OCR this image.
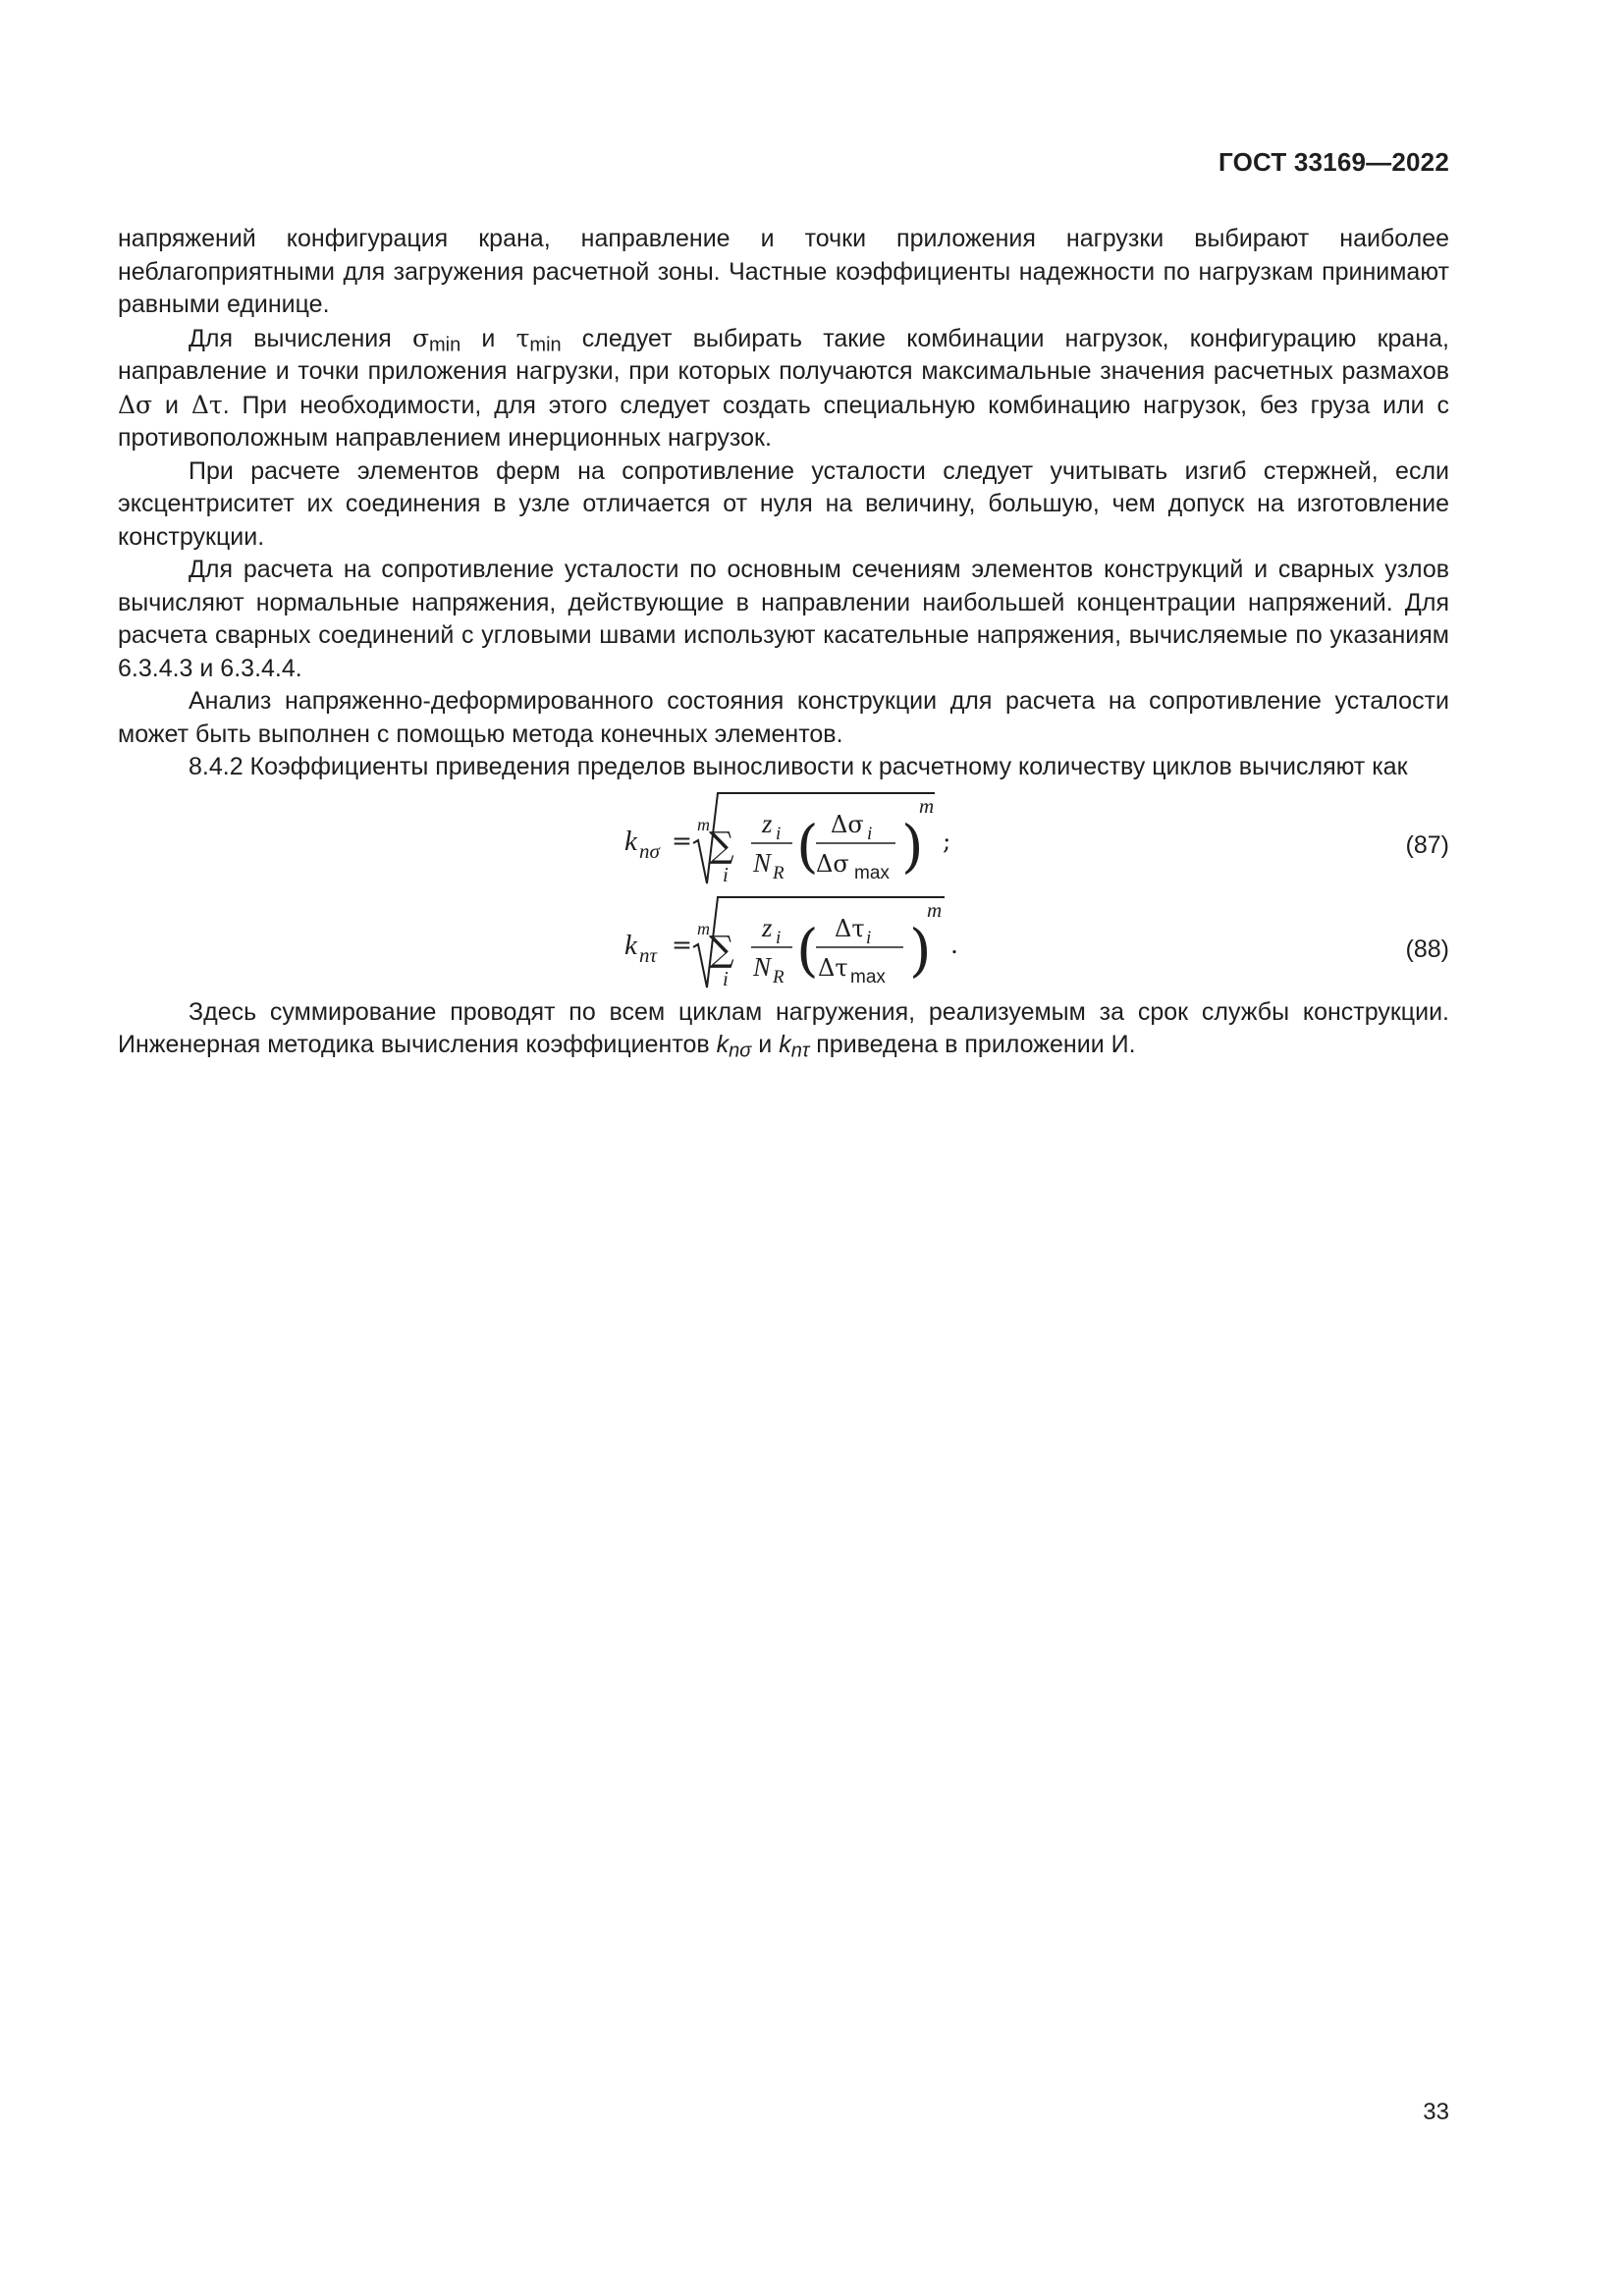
ГОСТ 33169—2022

напряжений конфигурация крана, направление и точки приложения нагрузки выбирают наиболее неблагоприятными для загружения расчетной зоны. Частные коэффициенты надежности по нагрузкам принимают равными единице.

Для вычисления $\sigma_{min}$ и $\tau_{min}$ следует выбирать такие комбинации нагрузок, конфигурацию крана, направление и точки приложения нагрузки, при которых получаются максимальные значения расчетных размахов Δσ и Δτ. При необходимости, для этого следует создать специальную комбинацию нагрузок, без груза или с противоположным направлением инерционных нагрузок.

При расчете элементов ферм на сопротивление усталости следует учитывать изгиб стержней, если эксцентриситет их соединения в узле отличается от нуля на величину, большую, чем допуск на изготовление конструкции.

Для расчета на сопротивление усталости по основным сечениям элементов конструкций и сварных узлов вычисляют нормальные напряжения, действующие в направлении наибольшей концентрации напряжений. Для расчета сварных соединений с угловыми швами используют касательные напряжения, вычисляемые по указаниям 6.3.4.3 и 6.3.4.4.

Анализ напряженно-деформированного состояния конструкции для расчета на сопротивление усталости может быть выполнен с помощью метода конечных элементов.

8.4.2 Коэффициенты приведения пределов выносливости к расчетному количеству циклов вычисляют как

k nσ =
m
∑
i
z i
N R ( Δσ i
Δσ max )
m
;	(87)
k nτ =
m
∑
i
z i
N R ( Δτ i
Δτ max )
m
.	(88)

Здесь суммирование проводят по всем циклам нагружения, реализуемым за срок службы конструкции. Инженерная методика вычисления коэффициентов $k_{n\sigma}$ и $k_{n\tau}$ приведена в приложении И.

33
